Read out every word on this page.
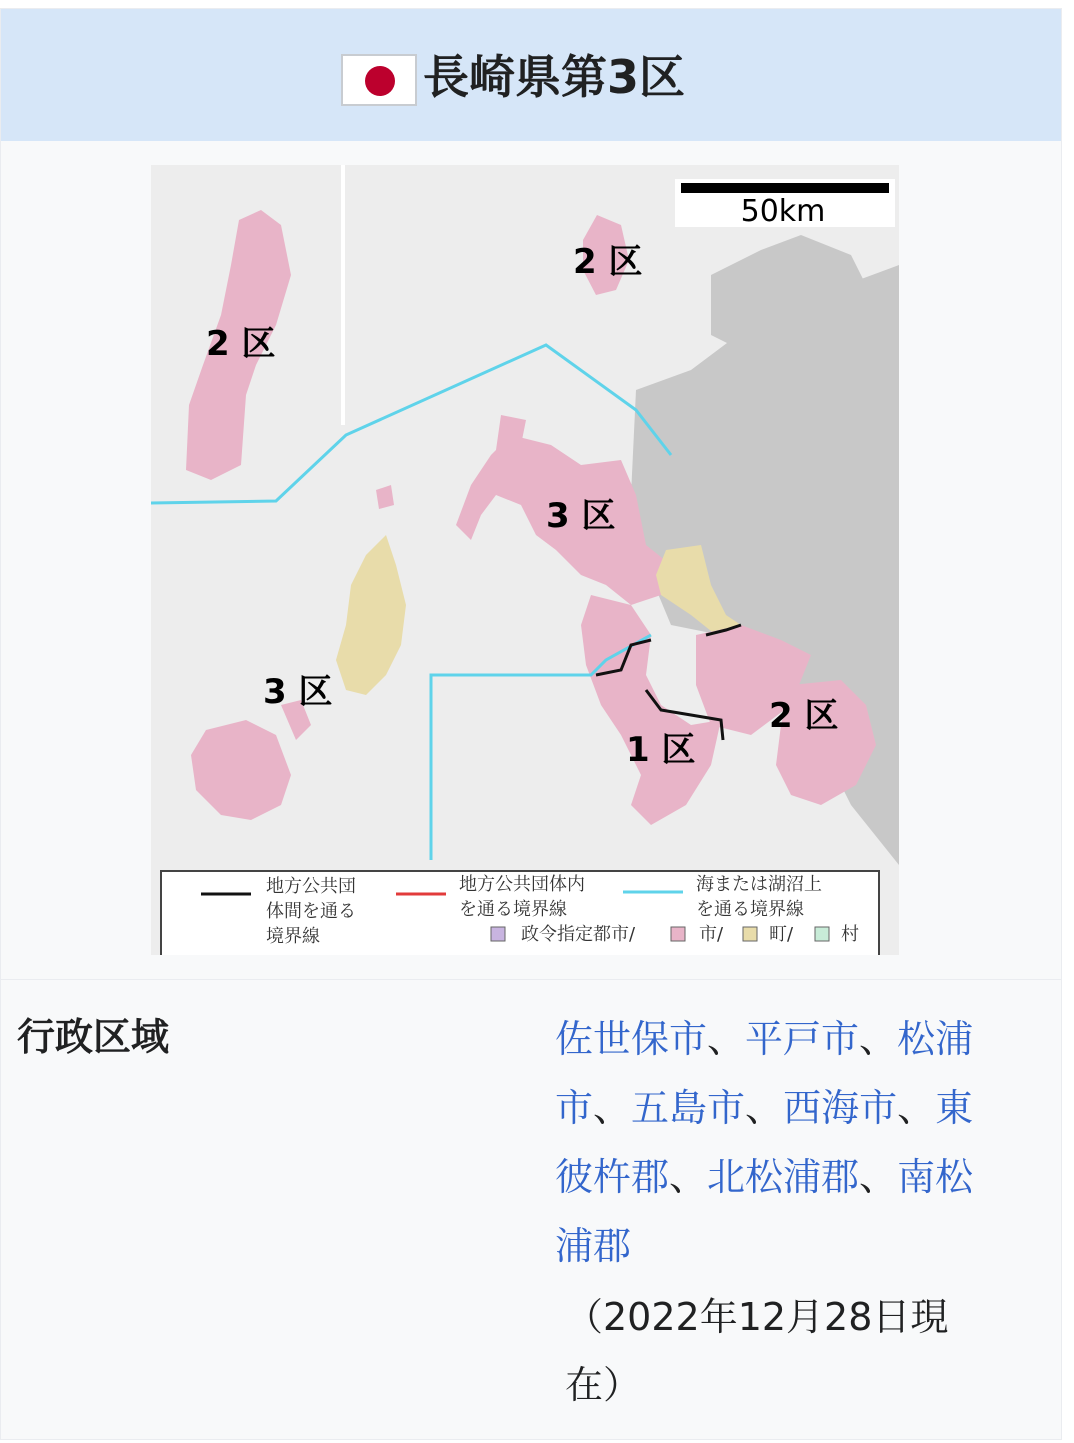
長崎県第3区
50km
2 区
2 区
3 区
3 区
2 区
1 区
地方公共団
体間を通る
境界線
地方公共団体内
を通る境界線
海または湖沼上
を通る境界線
政令指定都市/	市/	町/	村
行政区域	佐世保市、平戸市、松浦市、五島市、西海市、東彼杵郡、北松浦郡、南松浦郡
（2022年12月28日現在）
